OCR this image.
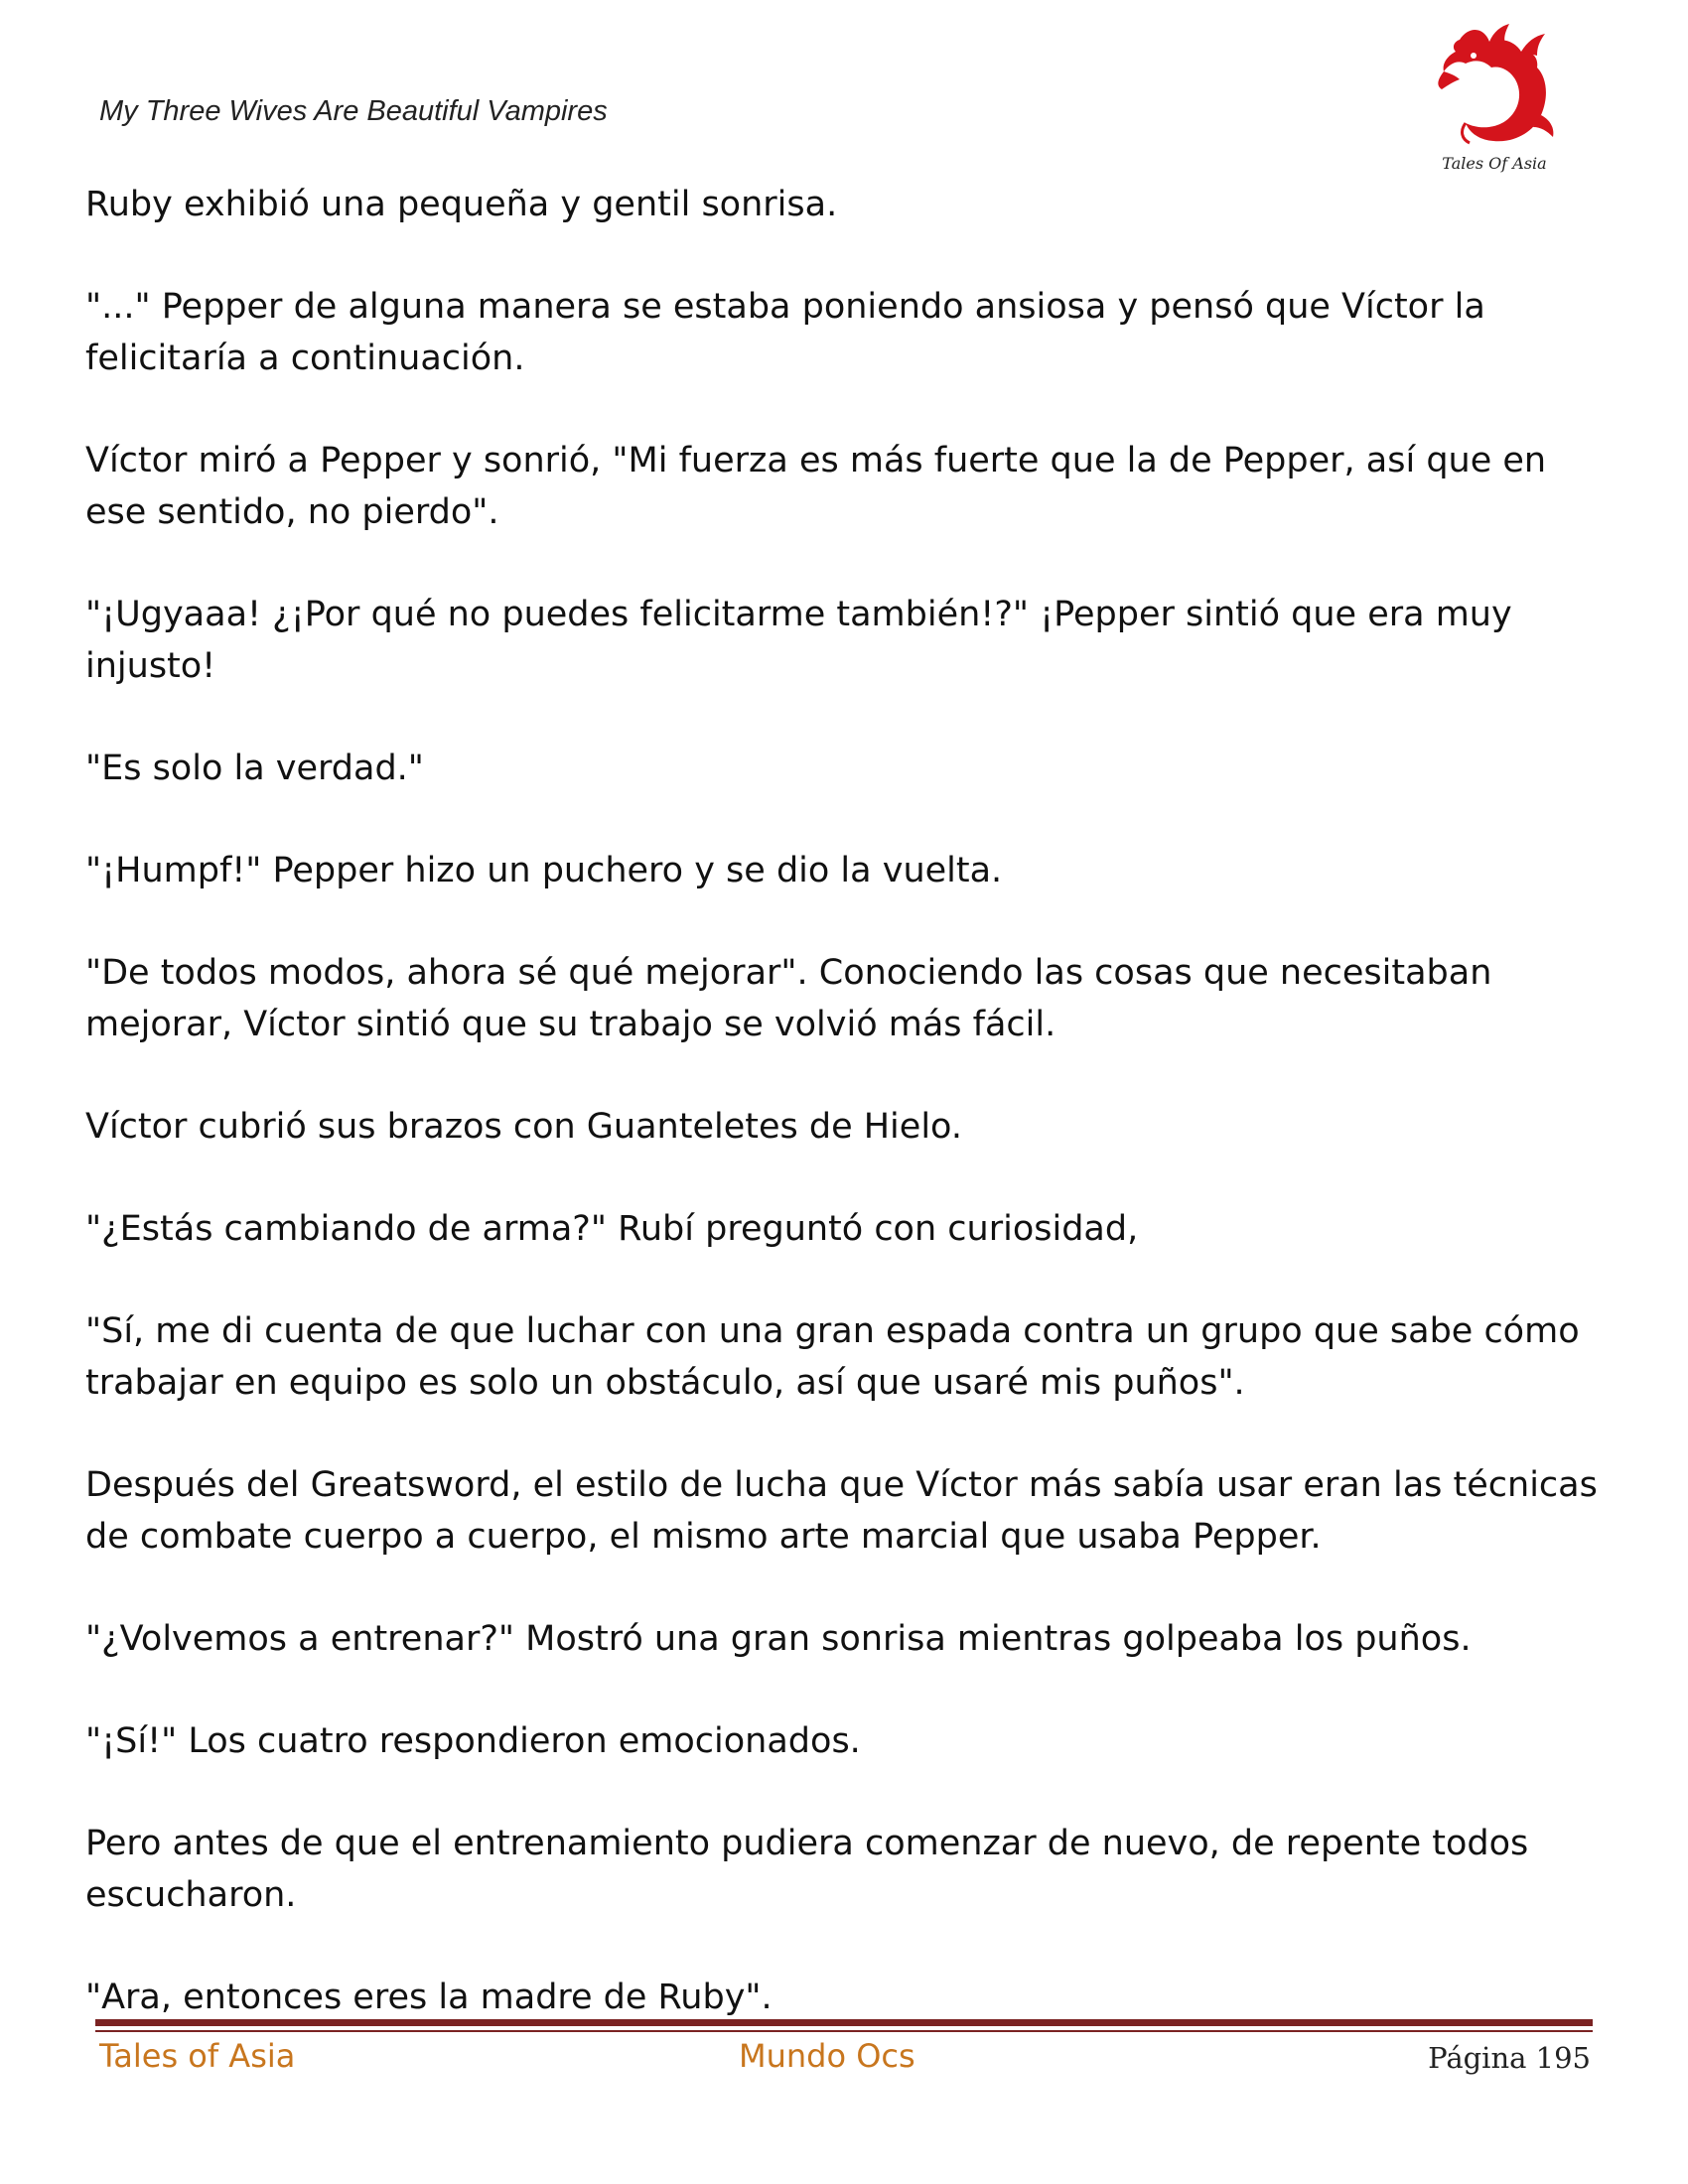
My Three Wives Are Beautiful Vampires
Tales Of Asia

Ruby exhibió una pequeña y gentil sonrisa.

"..." Pepper de alguna manera se estaba poniendo ansiosa y pensó que Víctor la felicitaría a continuación.

Víctor miró a Pepper y sonrió, "Mi fuerza es más fuerte que la de Pepper, así que en ese sentido, no pierdo".

"¡Ugyaaa! ¿¡Por qué no puedes felicitarme también!?" ¡Pepper sintió que era muy injusto!

"Es solo la verdad."

"¡Humpf!" Pepper hizo un puchero y se dio la vuelta.

"De todos modos, ahora sé qué mejorar". Conociendo las cosas que necesitaban mejorar, Víctor sintió que su trabajo se volvió más fácil.

Víctor cubrió sus brazos con Guanteletes de Hielo.

"¿Estás cambiando de arma?" Rubí preguntó con curiosidad,

"Sí, me di cuenta de que luchar con una gran espada contra un grupo que sabe cómo trabajar en equipo es solo un obstáculo, así que usaré mis puños".

Después del Greatsword, el estilo de lucha que Víctor más sabía usar eran las técnicas de combate cuerpo a cuerpo, el mismo arte marcial que usaba Pepper.

"¿Volvemos a entrenar?" Mostró una gran sonrisa mientras golpeaba los puños.

"¡Sí!" Los cuatro respondieron emocionados.

Pero antes de que el entrenamiento pudiera comenzar de nuevo, de repente todos escucharon.

"Ara, entonces eres la madre de Ruby".

Tales of Asia	Mundo Ocs	Página 195
